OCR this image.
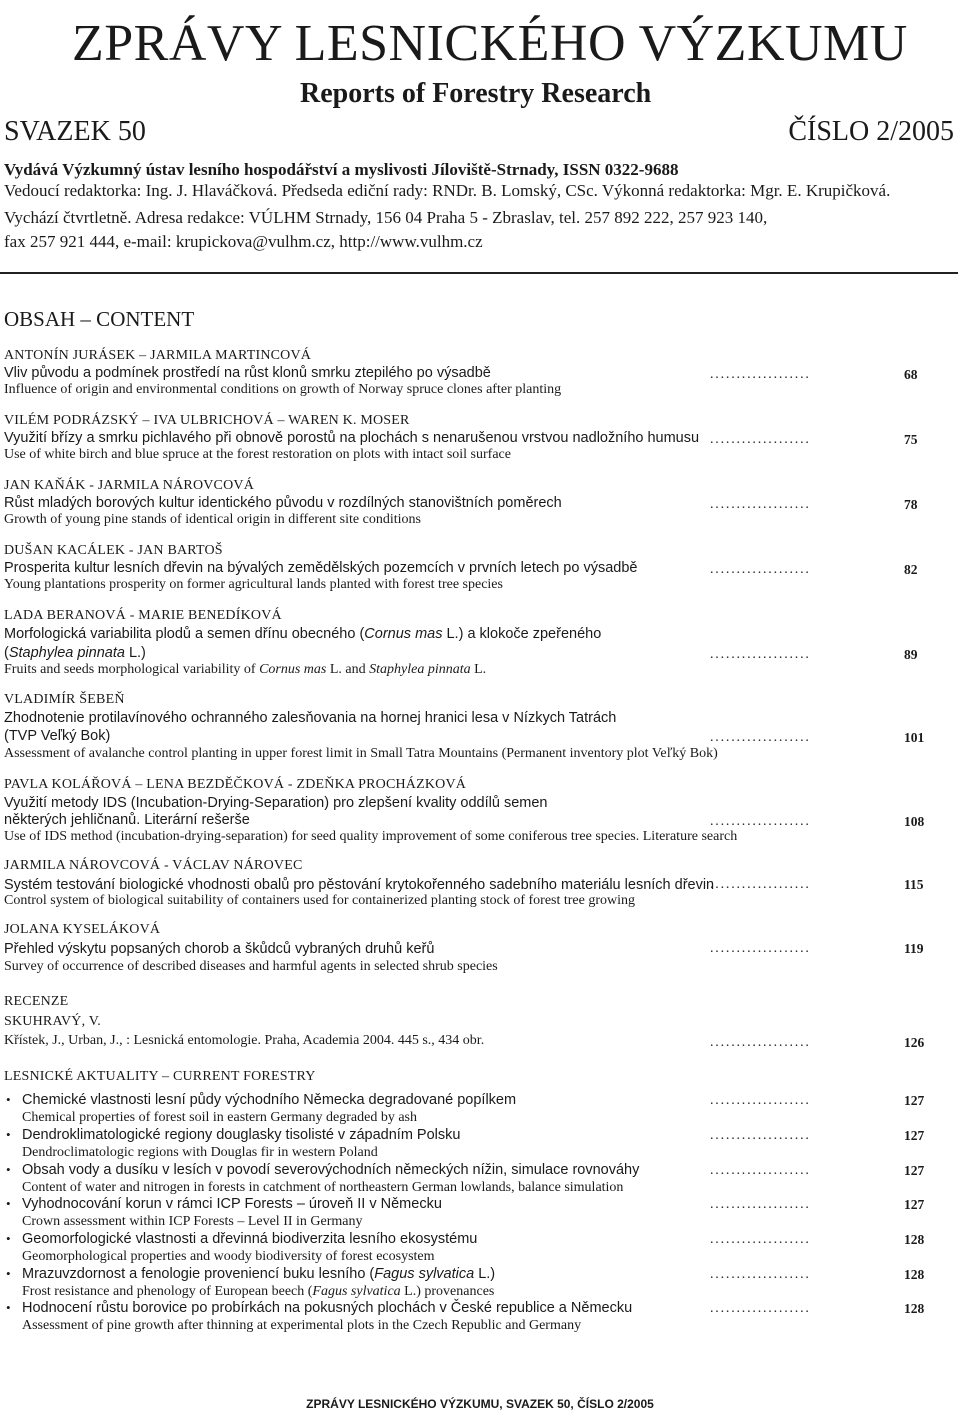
ZPRÁVY LESNICKÉHO VÝZKUMU
Reports of Forestry Research
SVAZEK 50	ČÍSLO 2/2005
Vydává Výzkumný ústav lesního hospodářství a myslivosti Jíloviště-Strnady, ISSN 0322-9688
Vedoucí redaktorka: Ing. J. Hlaváčková. Předseda ediční rady: RNDr. B. Lomský, CSc. Výkonná redaktorka: Mgr. E. Krupičková.
Vychází čtvrtletně. Adresa redakce: VÚLHM Strnady, 156 04 Praha 5 - Zbraslav, tel. 257 892 222, 257 923 140,
fax 257 921 444, e-mail: krupickova@vulhm.cz, http://www.vulhm.cz
OBSAH – CONTENT
ANTONÍN JURÁSEK – JARMILA MARTINCOVÁ
Vliv původu a podmínek prostředí na růst klonů smrku ztepilého po výsadbě	...................	68
Influence of origin and environmental conditions on growth of Norway spruce clones after planting
VILÉM PODRÁZSKÝ – IVA ULBRICHOVÁ – WAREN K. MOSER
Využití břízy a smrku pichlavého při obnově porostů na plochách s nenarušenou vrstvou nadložního humusu ...................	75
Use of white birch and blue spruce at the forest restoration on plots with intact soil surface
JAN KAŇÁK - JARMILA NÁROVCOVÁ
Růst mladých borových kultur identického původu v rozdílných stanovištních poměrech	...................	78
Growth of young pine stands of identical origin in different site conditions
DUŠAN KACÁLEK - JAN BARTOŠ
Prosperita kultur lesních dřevin na bývalých zemědělských pozemcích v prvních letech po výsadbě	...................	82
Young plantations prosperity on former agricultural lands planted with forest tree species
LADA BERANOVÁ - MARIE BENEDÍKOVÁ
Morfologická variabilita plodů a semen dřínu obecného (Cornus mas L.) a klokoče zpeřeného
(Staphylea pinnata L.)	...................	89
Fruits and seeds morphological variability of Cornus mas L. and Staphylea pinnata L.
VLADIMÍR ŠEBEŇ
Zhodnotenie protilavínového ochranného zalesňovania na hornej hranici lesa v Nízkych Tatrách
(TVP Veľký Bok)	...................	101
Assessment of avalanche control planting in upper forest limit in Small Tatra Mountains (Permanent inventory plot Veľký Bok)
PAVLA KOLÁŘOVÁ – LENA BEZDĚČKOVÁ - ZDEŇKA PROCHÁZKOVÁ
Využití metody IDS (Incubation-Drying-Separation) pro zlepšení kvality oddílů semen
některých jehličnanů. Literární rešerše	...................	108
Use of IDS method (incubation-drying-separation) for seed quality improvement of some coniferous tree species. Literature search
JARMILA NÁROVCOVÁ - VÁCLAV NÁROVEC
Systém testování biologické vhodnosti obalů pro pěstování krytokořenného sadebního materiálu lesních dřevin
...................	115
Control system of biological suitability of containers used for containerized planting stock of forest tree growing
JOLANA KYSELÁKOVÁ
Přehled výskytu popsaných chorob a škůdců vybraných druhů keřů	...................	119
Survey of occurrence of described diseases and harmful agents in selected shrub species
RECENZE
SKUHRAVÝ, V.
Křístek, J., Urban, J., : Lesnická entomologie. Praha, Academia 2004. 445 s., 434 obr.	...................	126
LESNICKÉ AKTUALITY – CURRENT FORESTRY
• Chemické vlastnosti lesní půdy východního Německa degradované popílkem	...................	127
Chemical properties of forest soil in eastern Germany degraded by ash
• Dendroklimatologické regiony douglasky tisolisté v západním Polsku	...................	127
Dendroclimatologic regions with Douglas fir in western Poland
• Obsah vody a dusíku v lesích v povodí severovýchodních německých nížin, simulace rovnováhy	...................	127
Content of water and nitrogen in forests in catchment of northeastern German lowlands, balance simulation
• Vyhodnocování korun v rámci ICP Forests – úroveň II v Německu	...................	127
Crown assessment within ICP Forests – Level II in Germany
• Geomorfologické vlastnosti a dřevinná biodiverzita lesního ekosystému	...................	128
Geomorphological properties and woody biodiversity of forest ecosystem
• Mrazuvzdornost a fenologie proveniencí buku lesního (Fagus sylvatica L.)	...................	128
Frost resistance and phenology of European beech (Fagus sylvatica L.) provenances
• Hodnocení růstu borovice po probírkách na pokusných plochách v České republice a Německu	...................	128
Assessment of pine growth after thinning at experimental plots in the Czech Republic and Germany
ZPRÁVY LESNICKÉHO VÝZKUMU, SVAZEK 50, ČÍSLO 2/2005
